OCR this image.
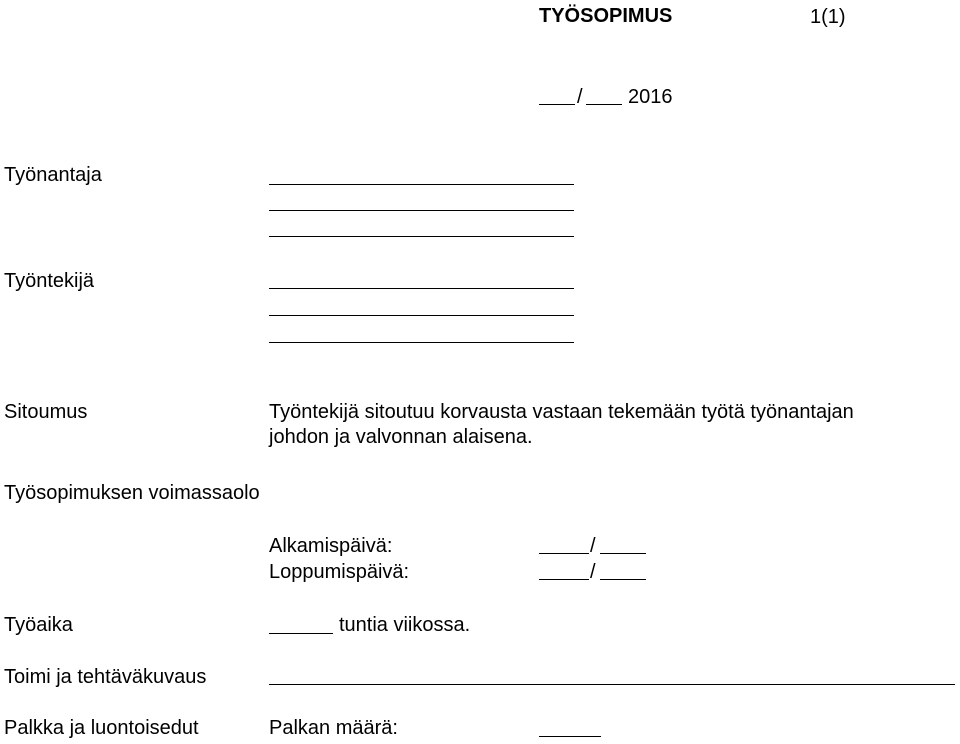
TYÖSOPIMUS	1(1)
/ 2016
Työnantaja
Työntekijä
Sitoumus	Työntekijä sitoutuu korvausta vastaan tekemään työtä työnantajan
johdon ja valvonnan alaisena.
Työsopimuksen voimassaolo
Alkamispäivä:	/
Loppumispäivä:	/
Työaika	tuntia viikossa.
Toimi ja tehtäväkuvaus
Palkka ja luontoisedut	Palkan määrä:
